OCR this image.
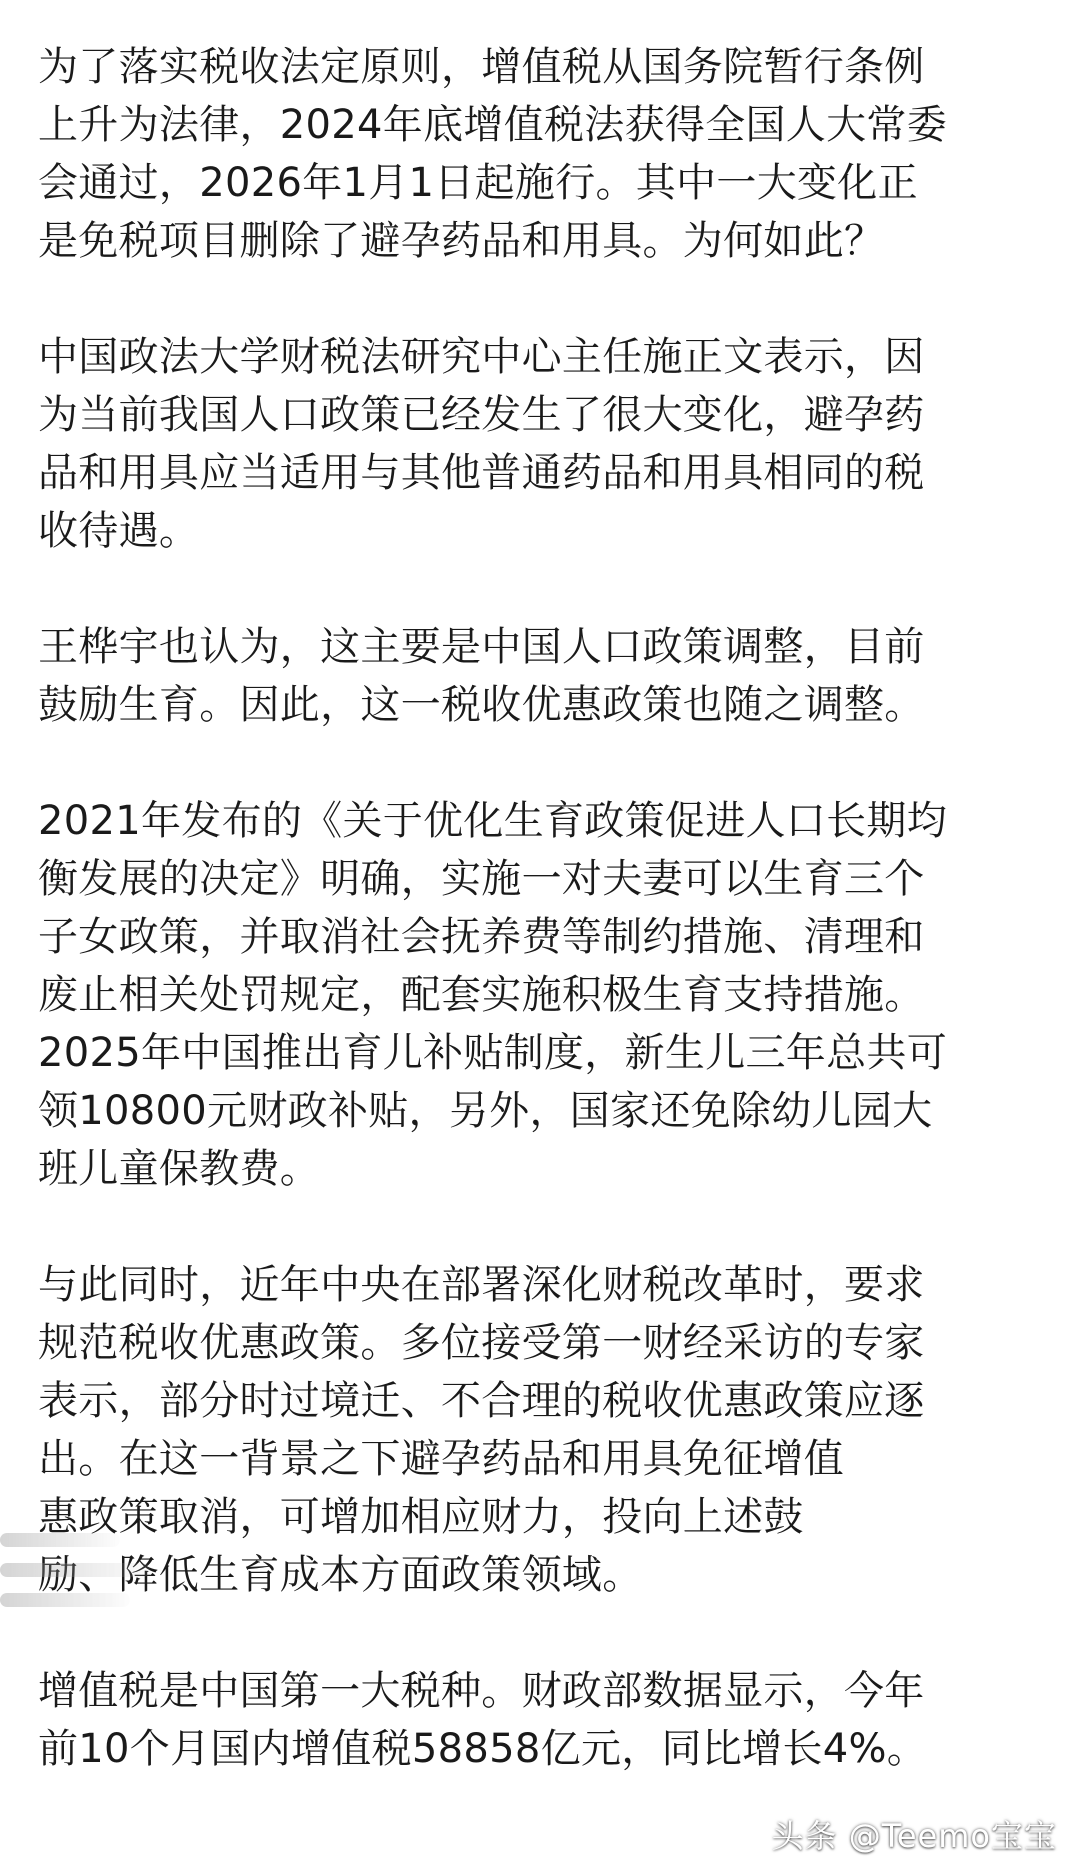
为了落实税收法定原则，增值税从国务院暂行条例
上升为法律，2024年底增值税法获得全国人大常委
会通过，2026年1月1日起施行。其中一大变化正
是免税项目删除了避孕药品和用具。为何如此？

中国政法大学财税法研究中心主任施正文表示，因
为当前我国人口政策已经发生了很大变化，避孕药
品和用具应当适用与其他普通药品和用具相同的税
收待遇。

王桦宇也认为，这主要是中国人口政策调整，目前
鼓励生育。因此，这一税收优惠政策也随之调整。

2021年发布的《关于优化生育政策促进人口长期均
衡发展的决定》明确，实施一对夫妻可以生育三个
子女政策，并取消社会抚养费等制约措施、清理和
废止相关处罚规定，配套实施积极生育支持措施。
2025年中国推出育儿补贴制度，新生儿三年总共可
领10800元财政补贴，另外，国家还免除幼儿园大
班儿童保教费。

与此同时，近年中央在部署深化财税改革时，要求
规范税收优惠政策。多位接受第一财经采访的专家
表示，部分时过境迁、不合理的税收优惠政策应逐
出。在这一背景之下避孕药品和用具免征增值
惠政策取消，可增加相应财力，投向上述鼓
励、降低生育成本方面政策领域。

增值税是中国第一大税种。财政部数据显示，今年
前10个月国内增值税58858亿元，同比增长4%。

头条 @Teemo宝宝
